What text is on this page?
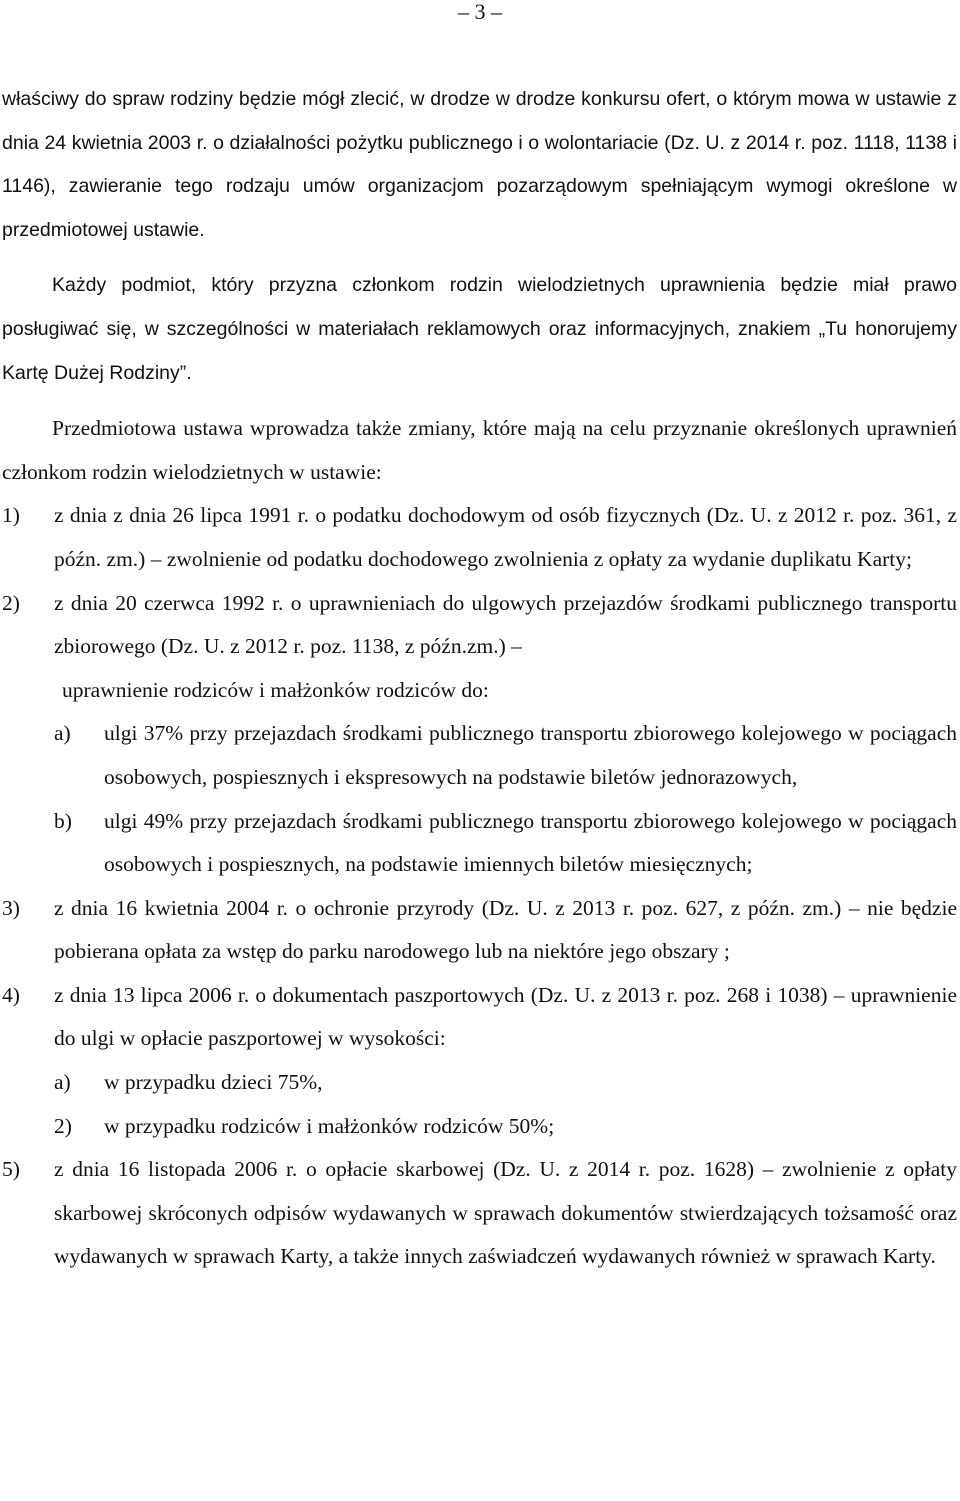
– 3 –

właściwy do spraw rodziny będzie mógł zlecić, w drodze w drodze konkursu ofert, o którym mowa w ustawie z dnia 24 kwietnia 2003 r. o działalności pożytku publicznego i o wolontariacie (Dz. U. z 2014 r. poz. 1118, 1138 i 1146), zawieranie tego rodzaju umów organizacjom pozarządowym spełniającym wymogi określone w przedmiotowej ustawie.

Każdy podmiot, który przyzna członkom rodzin wielodzietnych uprawnienia będzie miał prawo posługiwać się, w szczególności w materiałach reklamowych oraz informacyjnych, znakiem „Tu honorujemy Kartę Dużej Rodziny”.

Przedmiotowa ustawa wprowadza także zmiany, które mają na celu przyznanie określonych uprawnień członkom rodzin wielodzietnych w ustawie:

1)	z dnia z dnia 26 lipca 1991 r. o podatku dochodowym od osób fizycznych (Dz. U. z 2012 r. poz. 361, z późn. zm.) – zwolnienie od podatku dochodowego zwolnienia z opłaty za wydanie duplikatu Karty;
2)	z dnia 20 czerwca 1992 r. o uprawnieniach do ulgowych przejazdów środkami publicznego transportu zbiorowego (Dz. U. z 2012 r. poz. 1138, z późn.zm.) –
uprawnienie rodziców i małżonków rodziców do:
a)	ulgi 37% przy przejazdach środkami publicznego transportu zbiorowego kolejowego w pociągach osobowych, pospiesznych i ekspresowych na podstawie biletów jednorazowych,
b)	ulgi 49% przy przejazdach środkami publicznego transportu zbiorowego kolejowego w pociągach osobowych i pospiesznych, na podstawie imiennych biletów miesięcznych;
3)	z dnia 16 kwietnia 2004 r. o ochronie przyrody (Dz. U. z 2013 r. poz. 627, z późn. zm.) – nie będzie pobierana opłata za wstęp do parku narodowego lub na niektóre jego obszary ;
4)	z dnia 13 lipca 2006 r. o dokumentach paszportowych (Dz. U. z 2013 r. poz. 268 i 1038) – uprawnienie do ulgi w opłacie paszportowej w wysokości:
a)	w przypadku dzieci 75%,
2)	w przypadku rodziców i małżonków rodziców 50%;
5)	z dnia 16 listopada 2006 r. o opłacie skarbowej (Dz. U. z 2014 r. poz. 1628) – zwolnienie z opłaty skarbowej skróconych odpisów wydawanych w sprawach dokumentów stwierdzających tożsamość oraz wydawanych w sprawach Karty, a także innych zaświadczeń wydawanych również w sprawach Karty.
